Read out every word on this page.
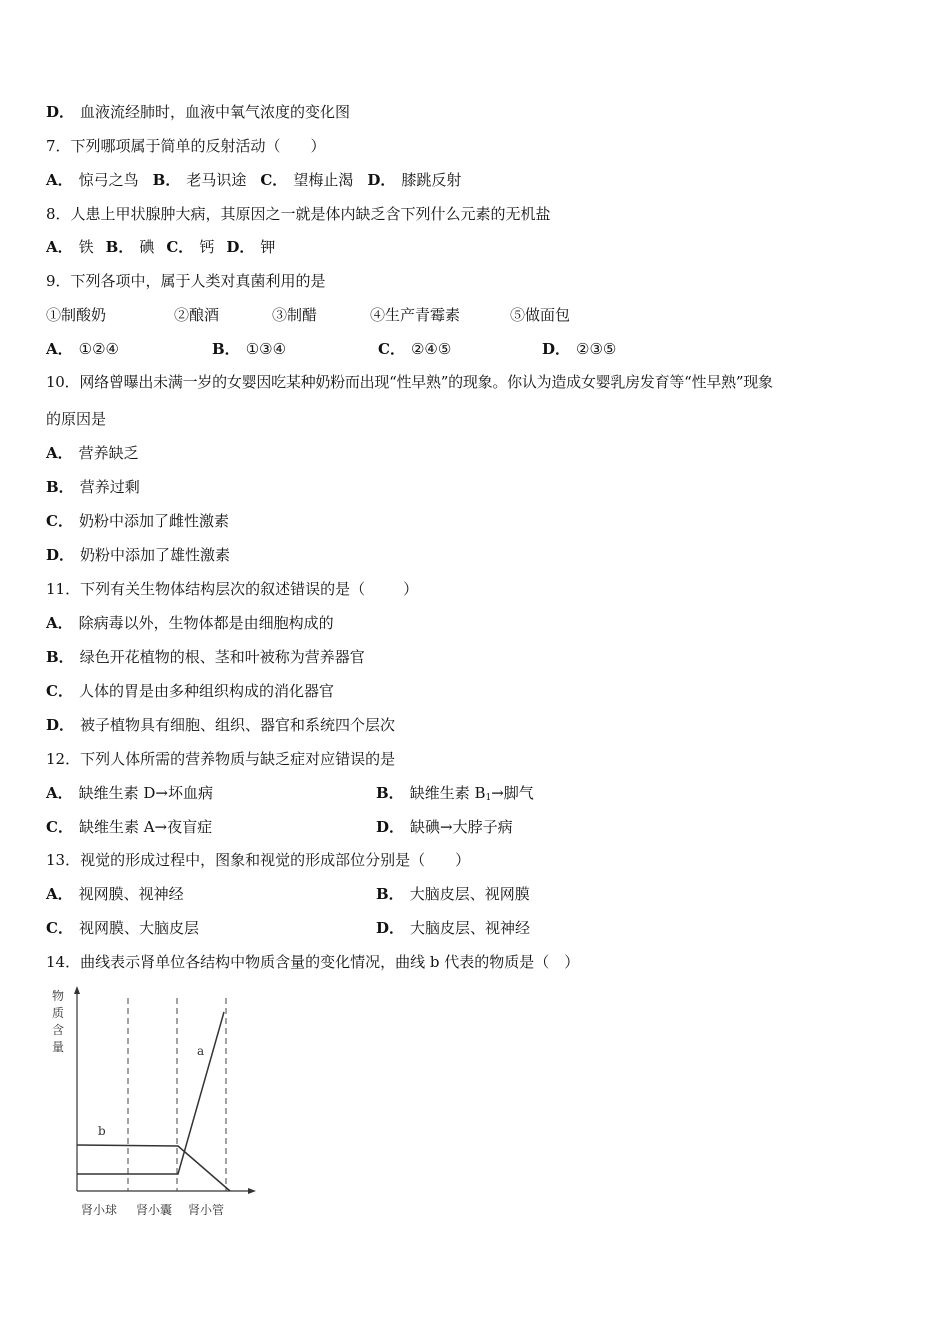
D． 血液流经肺时，血液中氧气浓度的变化图
7．下列哪项属于简单的反射活动（　　）
A． 惊弓之鸟 B． 老马识途 C． 望梅止渴 D． 膝跳反射
8．人患上甲状腺肿大病，其原因之一就是体内缺乏含下列什么元素的无机盐
A． 铁 B． 碘 C． 钙 D． 钾
9．下列各项中，属于人类对真菌利用的是
①制酸奶	②酿酒	③制醋	④生产青霉素	⑤做面包
A． ①②④	B． ①③④	C． ②④⑤	D． ②③⑤
10．网络曾曝出未满一岁的女婴因吃某种奶粉而出现“性早熟”的现象。你认为造成女婴乳房发育等“性早熟”现象
的原因是
A． 营养缺乏
B． 营养过剩
C． 奶粉中添加了雌性激素
D． 奶粉中添加了雄性激素
11．下列有关生物体结构层次的叙述错误的是（	）
A． 除病毒以外，生物体都是由细胞构成的
B． 绿色开花植物的根、茎和叶被称为营养器官
C． 人体的胃是由多种组织构成的消化器官
D． 被子植物具有细胞、组织、器官和系统四个层次
12．下列人体所需的营养物质与缺乏症对应错误的是
A． 缺维生素 D→坏血病	B． 缺维生素 $B_1\to$脚气
C． 缺维生素 A→夜盲症	D． 缺碘→大脖子病
13．视觉的形成过程中，图象和视觉的形成部位分别是（　　）
A． 视网膜、视神经	B． 大脑皮层、视网膜
C． 视网膜、大脑皮层	D． 大脑皮层、视神经
14．曲线表示肾单位各结构中物质含量的变化情况，曲线 b 代表的物质是（　）
物
质
含
量	a
b
肾小球 肾小囊 肾小管
